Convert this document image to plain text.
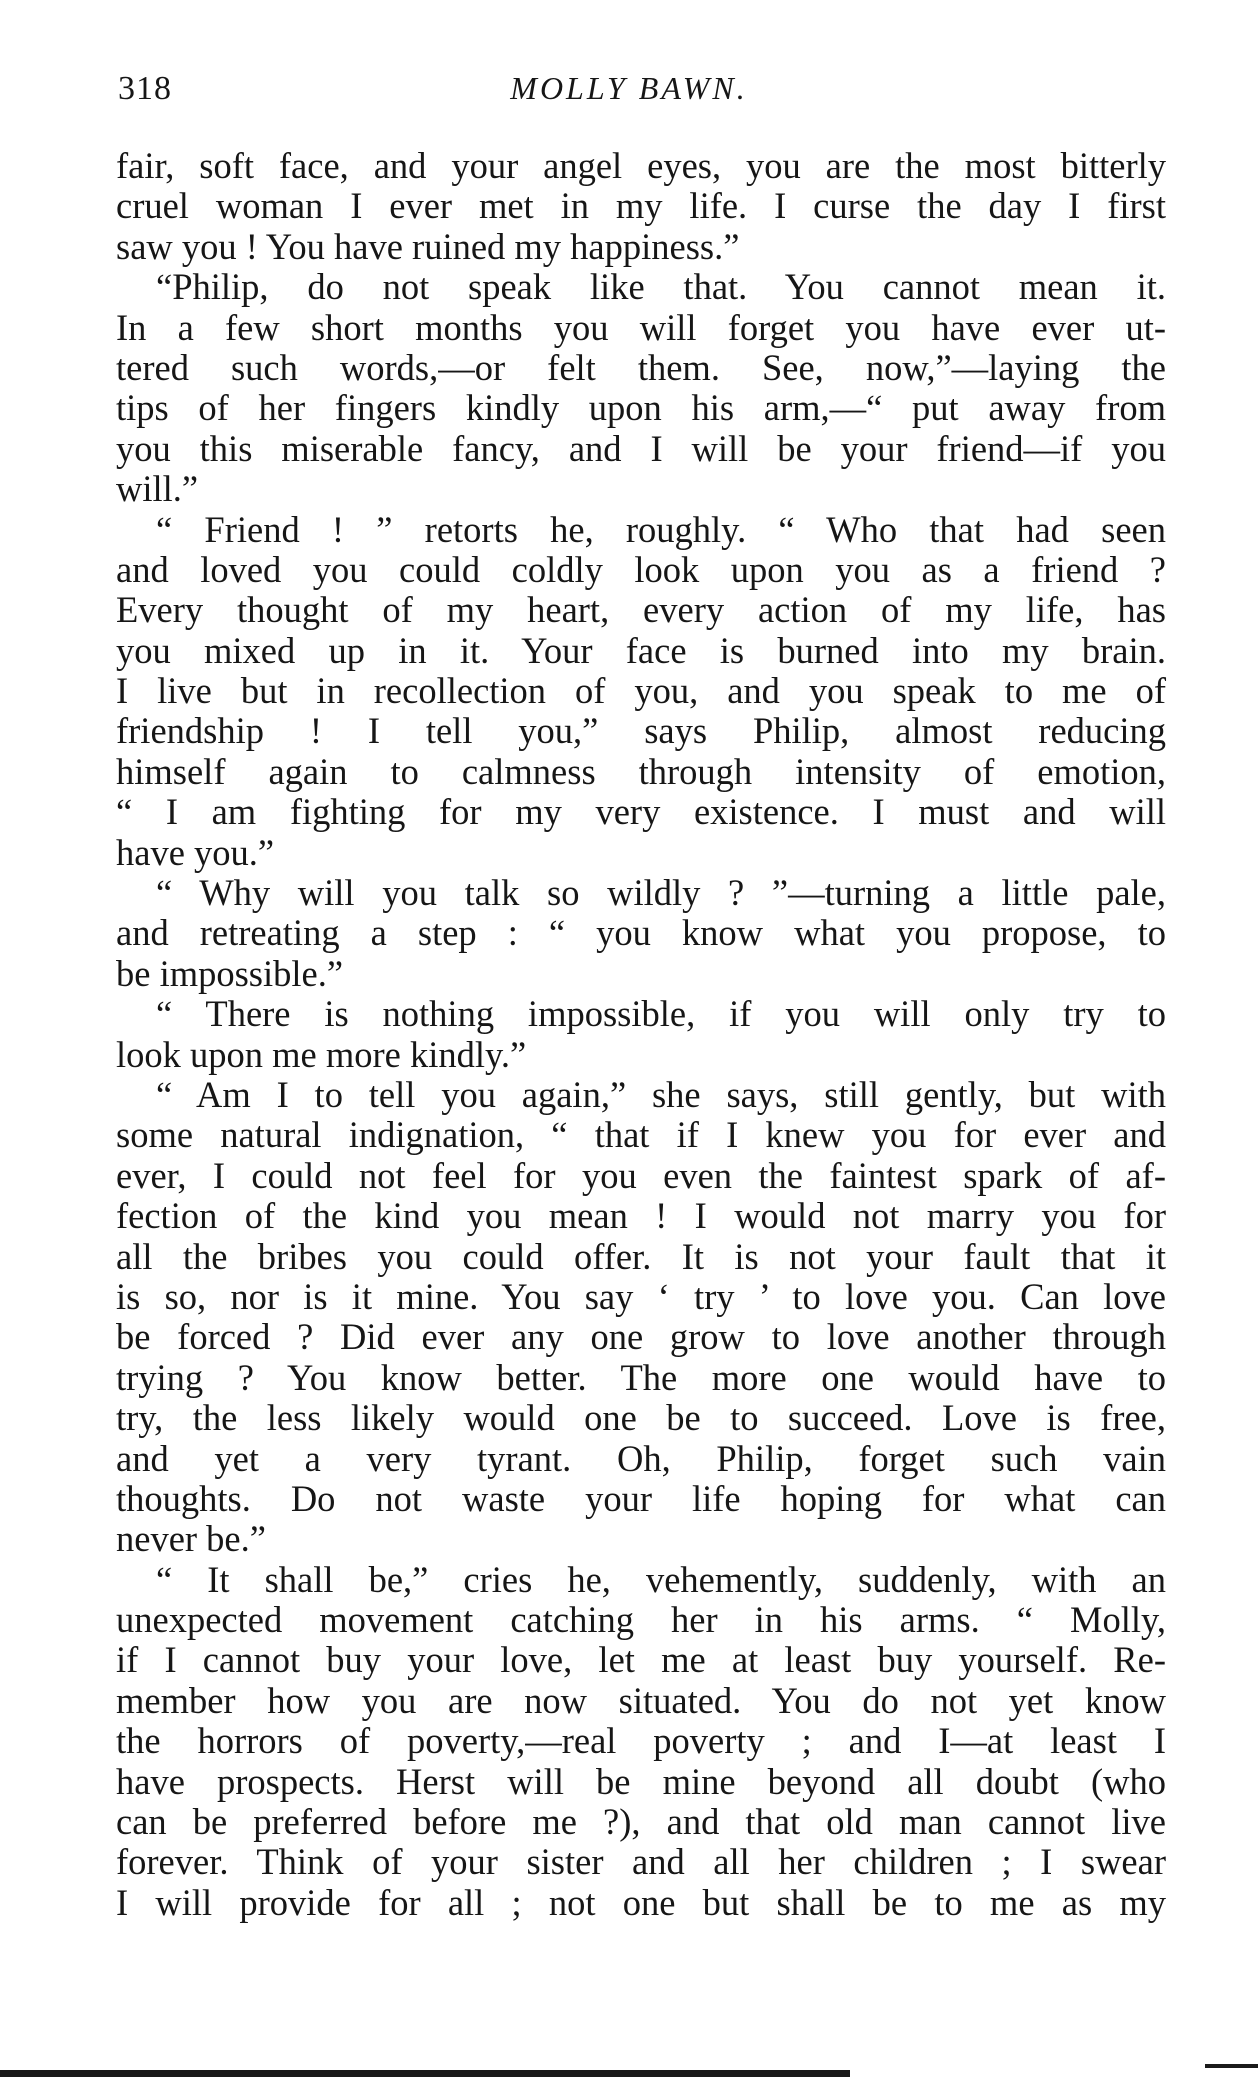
318	MOLLY BAWN.
fair, soft face, and your angel eyes, you are the most bitterly
cruel woman I ever met in my life. I curse the day I first
saw you ! You have ruined my happiness.”
“Philip, do not speak like that. You cannot mean it.
In a few short months you will forget you have ever ut-
tered such words,—or felt them. See, now,”—laying the
tips of her fingers kindly upon his arm,—“ put away from
you this miserable fancy, and I will be your friend—if you
will.”
“ Friend ! ” retorts he, roughly. “ Who that had seen
and loved you could coldly look upon you as a friend ?
Every thought of my heart, every action of my life, has
you mixed up in it. Your face is burned into my brain.
I live but in recollection of you, and you speak to me of
friendship ! I tell you,” says Philip, almost reducing
himself again to calmness through intensity of emotion,
“ I am fighting for my very existence. I must and will
have you.”
“ Why will you talk so wildly ? ”—turning a little pale,
and retreating a step : “ you know what you propose, to
be impossible.”
“ There is nothing impossible, if you will only try to
look upon me more kindly.”
“ Am I to tell you again,” she says, still gently, but with
some natural indignation, “ that if I knew you for ever and
ever, I could not feel for you even the faintest spark of af-
fection of the kind you mean ! I would not marry you for
all the bribes you could offer. It is not your fault that it
is so, nor is it mine. You say ‘ try ’ to love you. Can love
be forced ? Did ever any one grow to love another through
trying ? You know better. The more one would have to
try, the less likely would one be to succeed. Love is free,
and yet a very tyrant. Oh, Philip, forget such vain
thoughts. Do not waste your life hoping for what can
never be.”
“ It shall be,” cries he, vehemently, suddenly, with an
unexpected movement catching her in his arms. “ Molly,
if I cannot buy your love, let me at least buy yourself. Re-
member how you are now situated. You do not yet know
the horrors of poverty,—real poverty ; and I—at least I
have prospects. Herst will be mine beyond all doubt (who
can be preferred before me ?), and that old man cannot live
forever. Think of your sister and all her children ; I swear
I will provide for all ; not one but shall be to me as my
